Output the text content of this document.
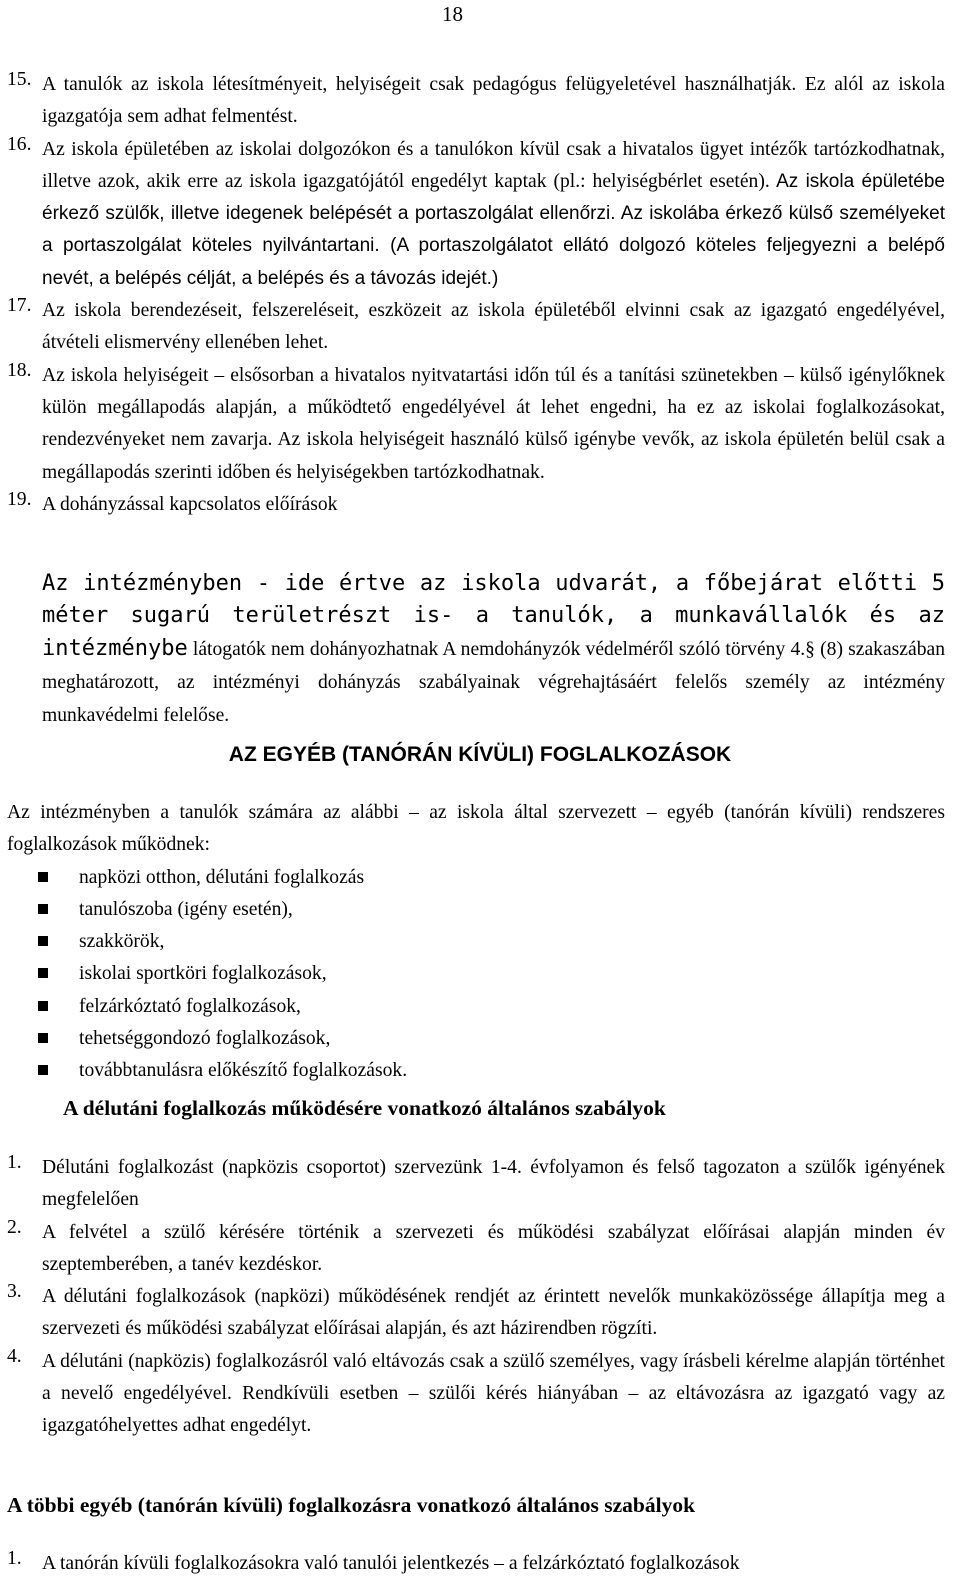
18
15. A tanulók az iskola létesítményeit, helyiségeit csak pedagógus felügyeletével használhatják. Ez alól az iskola igazgatója sem adhat felmentést.

16. Az iskola épületében az iskolai dolgozókon és a tanulókon kívül csak a hivatalos ügyet intézők tartózkodhatnak, illetve azok, akik erre az iskola igazgatójától engedélyt kaptak (pl.: helyiségbérlet esetén). Az iskola épületébe érkező szülők, illetve idegenek belépését a portaszolgálat ellenőrzi. Az iskolába érkező külső személyeket a portaszolgálat köteles nyilvántartani. (A portaszolgálatot ellátó dolgozó köteles feljegyezni a belépő nevét, a belépés célját, a belépés és a távozás idejét.)

17. Az iskola berendezéseit, felszereléseit, eszközeit az iskola épületéből elvinni csak az igazgató engedélyével, átvételi elismervény ellenében lehet.

18. Az iskola helyiségeit – elsősorban a hivatalos nyitvatartási időn túl és a tanítási szünetekben – külső igénylőknek külön megállapodás alapján, a működtető engedélyével át lehet engedni, ha ez az iskolai foglalkozásokat, rendezvényeket nem zavarja. Az iskola helyiségeit használó külső igénybe vevők, az iskola épületén belül csak a megállapodás szerinti időben és helyiségekben tartózkodhatnak.

19. A dohányzással kapcsolatos előírások

Az intézményben - ide értve az iskola udvarát, a főbejárat előtti 5 méter sugarú területrészt is- a tanulók, a munkavállalók és az intézménybe látogatók nem dohányozhatnak A nemdohányzók védelméről szóló törvény 4.§ (8) szakaszában meghatározott, az intézményi dohányzás szabályainak végrehajtásáért felelős személy az intézmény munkavédelmi felelőse.

AZ EGYÉB (TANÓRÁN KÍVÜLI) FOGLALKOZÁSOK

Az intézményben a tanulók számára az alábbi – az iskola által szervezett – egyéb (tanórán kívüli) rendszeres foglalkozások működnek:

napközi otthon, délutáni foglalkozás
tanulószoba (igény esetén),
szakkörök,
iskolai sportköri foglalkozások,
felzárkóztató foglalkozások,
tehetséggondozó foglalkozások,
továbbtanulásra előkészítő foglalkozások.
A délutáni foglalkozás működésére vonatkozó általános szabályok
1.	Délutáni foglalkozást (napközis csoportot) szervezünk 1-4. évfolyamon és felső tagozaton a szülők igényének megfelelően

2.	A felvétel a szülő kérésére történik a szervezeti és működési szabályzat előírásai alapján minden év szeptemberében, a tanév kezdéskor.

3.	A délutáni foglalkozások (napközi) működésének rendjét az érintett nevelők munkaközössége állapítja meg a szervezeti és működési szabályzat előírásai alapján, és azt házirendben rögzíti.

4.	A délutáni (napközis) foglalkozásról való eltávozás csak a szülő személyes, vagy írásbeli kérelme alapján történhet a nevelő engedélyével. Rendkívüli esetben – szülői kérés hiányában – az eltávozásra az igazgató vagy az igazgatóhelyettes adhat engedélyt.

A többi egyéb (tanórán kívüli) foglalkozásra vonatkozó általános szabályok
1.	A tanórán kívüli foglalkozásokra való tanulói jelentkezés – a felzárkóztató foglalkozások
